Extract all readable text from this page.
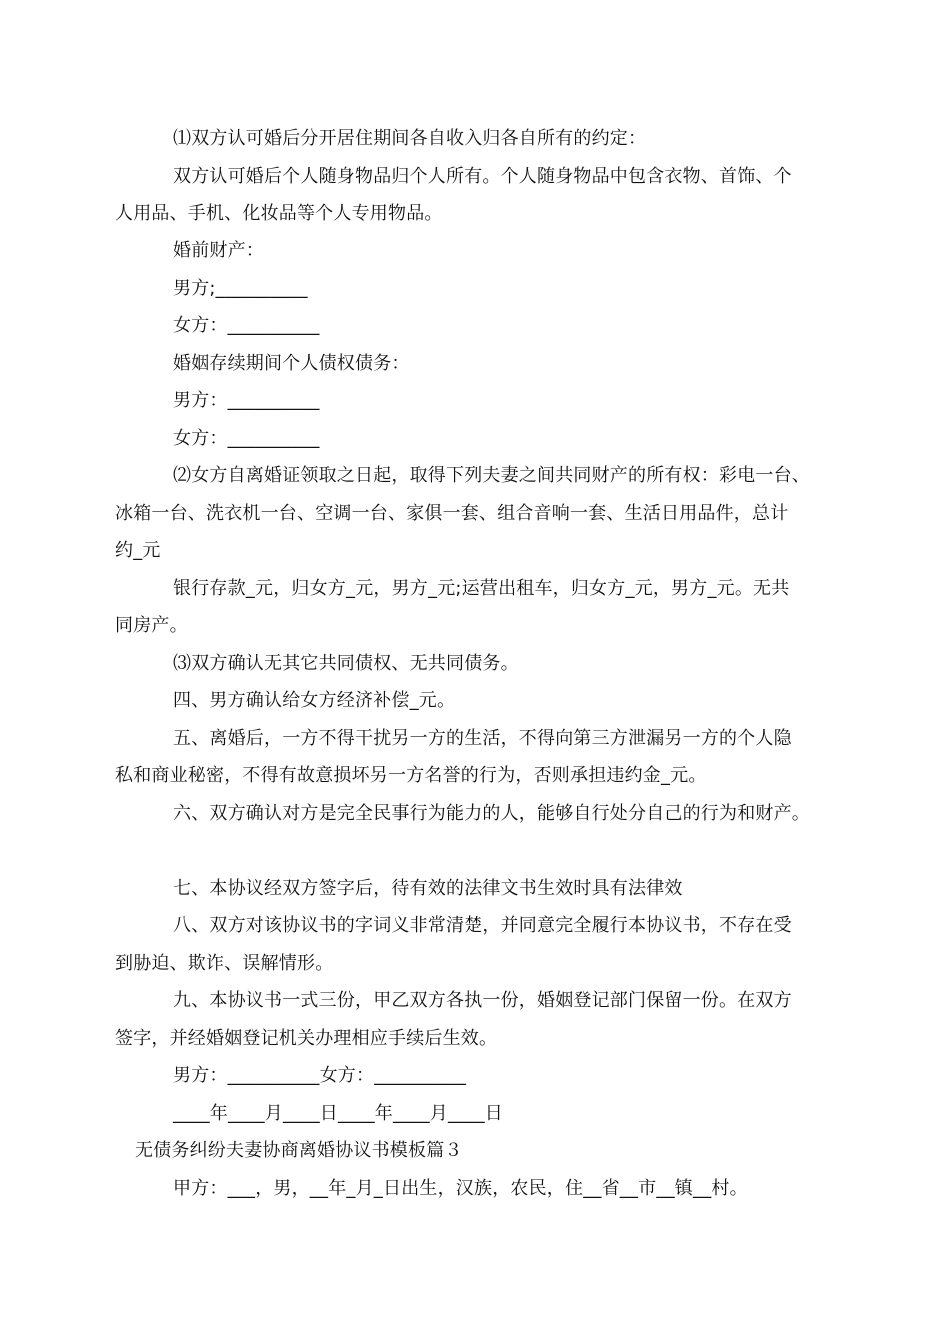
⑴双方认可婚后分开居住期间各自收入归各自所有的约定：
双方认可婚后个人随身物品归个人所有。个人随身物品中包含衣物、首饰、个
人用品、手机、化妆品等个人专用物品。
婚前财产：
男方;__________
女方：__________
婚姻存续期间个人债权债务：
男方：__________
女方：__________
⑵女方自离婚证领取之日起，取得下列夫妻之间共同财产的所有权：彩电一台、
冰箱一台、洗衣机一台、空调一台、家俱一套、组合音响一套、生活日用品件，总计
约_元
银行存款_元，归女方_元，男方_元;运营出租车，归女方_元，男方_元。无共
同房产。
⑶双方确认无其它共同债权、无共同债务。
四、男方确认给女方经济补偿_元。
五、离婚后，一方不得干扰另一方的生活，不得向第三方泄漏另一方的个人隐
私和商业秘密，不得有故意损坏另一方名誉的行为，否则承担违约金_元。
六、双方确认对方是完全民事行为能力的人，能够自行处分自己的行为和财产。
七、本协议经双方签字后，待有效的法律文书生效时具有法律效
八、双方对该协议书的字词义非常清楚，并同意完全履行本协议书，不存在受
到胁迫、欺诈、误解情形。
九、本协议书一式三份，甲乙双方各执一份，婚姻登记部门保留一份。在双方
签字，并经婚姻登记机关办理相应手续后生效。
男方：__________女方：__________
____年____月____日____年____月____日
无债务纠纷夫妻协商离婚协议书模板篇３
甲方：___，男，__年_月_日出生，汉族，农民，住__省__市__镇__村。
